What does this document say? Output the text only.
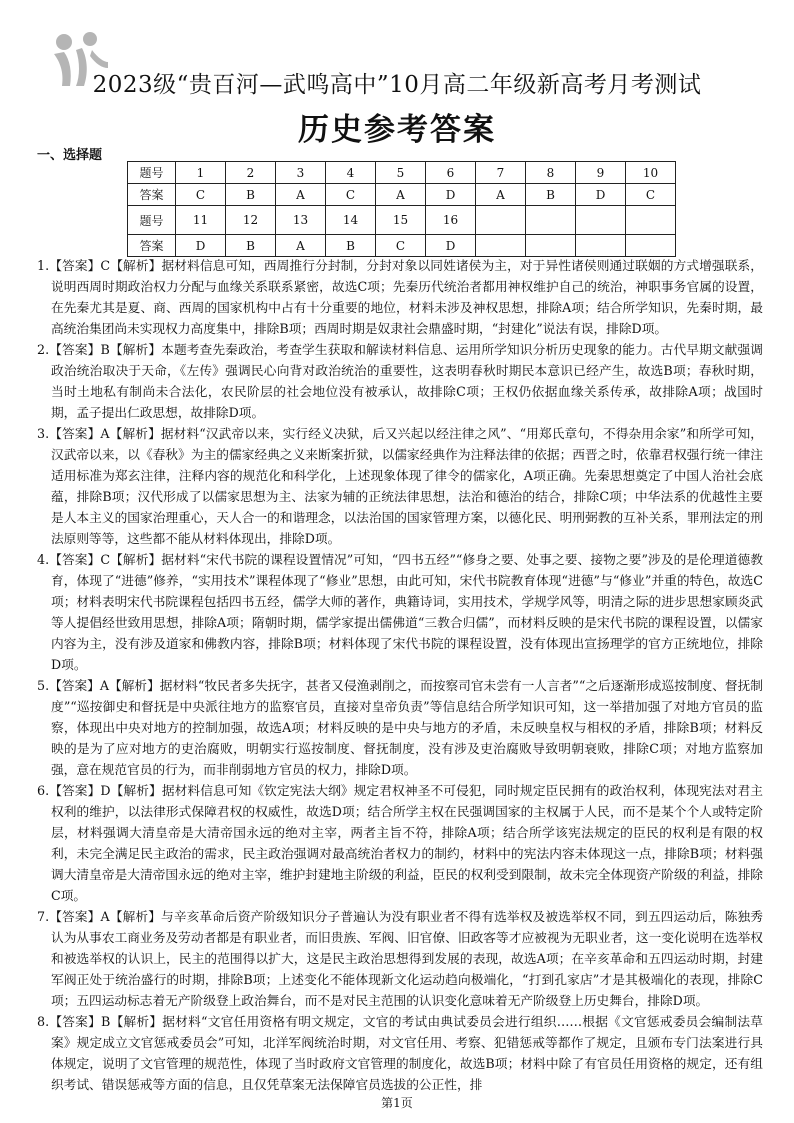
2023级“贵百河—武鸣高中”10月高二年级新高考月考测试
历史参考答案
一、选择题
题号	1	2	3	4	5	6	7	8	9	10
答案	C	B	A	C	A	D	A	B	D	C
题号	11	12	13	14	15	16				
答案	D	B	A	B	C	D				

1.【答案】C【解析】据材料信息可知，西周推行分封制，分封对象以同姓诸侯为主，对于异性诸侯则通过联姻的方式增强联系，说明西周时期政治权力分配与血缘关系联系紧密，故选C项；先秦历代统治者都用神权维护自己的统治，神职事务官属的设置，在先秦尤其是夏、商、西周的国家机构中占有十分重要的地位，材料未涉及神权思想，排除A项；结合所学知识，先秦时期，最高统治集团尚未实现权力高度集中，排除B项；西周时期是奴隶社会鼎盛时期，“封建化”说法有误，排除D项。

2.【答案】B【解析】本题考查先秦政治，考查学生获取和解读材料信息、运用所学知识分析历史现象的能力。古代早期文献强调政治统治取决于天命，《左传》强调民心向背对政治统治的重要性，这表明春秋时期民本意识已经产生，故选B项；春秋时期，当时土地私有制尚未合法化，农民阶层的社会地位没有被承认，故排除C项；王权仍依据血缘关系传承，故排除A项；战国时期，孟子提出仁政思想，故排除D项。

3.【答案】A【解析】据材料“汉武帝以来，实行经义决狱，后又兴起以经注律之风”、“用郑氏章句，不得杂用余家”和所学可知，汉武帝以来，以《春秋》为主的儒家经典之义来断案折狱，以儒家经典作为注释法律的依据；西晋之时，依靠君权强行统一律注适用标准为郑玄注律，注释内容的规范化和科学化，上述现象体现了律令的儒家化，A项正确。先秦思想奠定了中国人治社会底蕴，排除B项；汉代形成了以儒家思想为主、法家为辅的正统法律思想，法治和德治的结合，排除C项；中华法系的优越性主要是人本主义的国家治理重心，天人合一的和谐理念，以法治国的国家管理方案，以德化民、明刑弼教的互补关系，罪刑法定的刑法原则等等，这些都不能从材料体现出，排除D项。

4.【答案】C【解析】据材料“宋代书院的课程设置情况”可知，“四书五经”“修身之要、处事之要、接物之要”涉及的是伦理道德教育，体现了“进德”修养，“实用技术”课程体现了“修业”思想，由此可知，宋代书院教育体现“进德”与“修业”并重的特色，故选C项；材料表明宋代书院课程包括四书五经，儒学大师的著作，典籍诗词，实用技术，学规学风等，明清之际的进步思想家顾炎武等人提倡经世致用思想，排除A项；隋朝时期，儒学家提出儒佛道“三教合归儒”，而材料反映的是宋代书院的课程设置，以儒家内容为主，没有涉及道家和佛教内容，排除B项；材料体现了宋代书院的课程设置，没有体现出宣扬理学的官方正统地位，排除D项。

5.【答案】A【解析】据材料“牧民者多失抚字，甚者又侵渔剥削之，而按察司官未尝有一人言者”“之后逐渐形成巡按制度、督抚制度”“巡按御史和督抚是中央派往地方的监察官员，直接对皇帝负责”等信息结合所学知识可知，这一举措加强了对地方官员的监察，体现出中央对地方的控制加强，故选A项；材料反映的是中央与地方的矛盾，未反映皇权与相权的矛盾，排除B项；材料反映的是为了应对地方的吏治腐败，明朝实行巡按制度、督抚制度，没有涉及吏治腐败导致明朝衰败，排除C项；对地方监察加强，意在规范官员的行为，而非削弱地方官员的权力，排除D项。

6.【答案】D【解析】据材料信息可知《钦定宪法大纲》规定君权神圣不可侵犯，同时规定臣民拥有的政治权利，体现宪法对君主权利的维护，以法律形式保障君权的权威性，故选D项；结合所学主权在民强调国家的主权属于人民，而不是某个个人或特定阶层，材料强调大清皇帝是大清帝国永远的绝对主宰，两者主旨不符，排除A项；结合所学该宪法规定的臣民的权利是有限的权利，未完全满足民主政治的需求，民主政治强调对最高统治者权力的制约，材料中的宪法内容未体现这一点，排除B项；材料强调大清皇帝是大清帝国永远的绝对主宰，维护封建地主阶级的利益，臣民的权利受到限制，故未完全体现资产阶级的利益，排除C项。

7.【答案】A【解析】与辛亥革命后资产阶级知识分子普遍认为没有职业者不得有选举权及被选举权不同，到五四运动后，陈独秀认为从事农工商业务及劳动者都是有职业者，而旧贵族、军阀、旧官僚、旧政客等才应被视为无职业者，这一变化说明在选举权和被选举权的认识上，民主的范围得以扩大，这是民主政治思想得到发展的表现，故选A项；在辛亥革命和五四运动时期，封建军阀正处于统治盛行的时期，排除B项；上述变化不能体现新文化运动趋向极端化，“打到孔家店”才是其极端化的表现，排除C项；五四运动标志着无产阶级登上政治舞台，而不是对民主范围的认识变化意味着无产阶级登上历史舞台，排除D项。

8.【答案】B【解析】据材料“文官任用资格有明文规定，文官的考试由典试委员会进行组织……根据《文官惩戒委员会编制法草案》规定成立文官惩戒委员会”可知，北洋军阀统治时期，对文官任用、考察、犯错惩戒等都作了规定，且颁布专门法案进行具体规定，说明了文官管理的规范性，体现了当时政府文官管理的制度化，故选B项；材料中除了有官员任用资格的规定，还有组织考试、错误惩戒等方面的信息，且仅凭草案无法保障官员选拔的公正性，排

第1页
